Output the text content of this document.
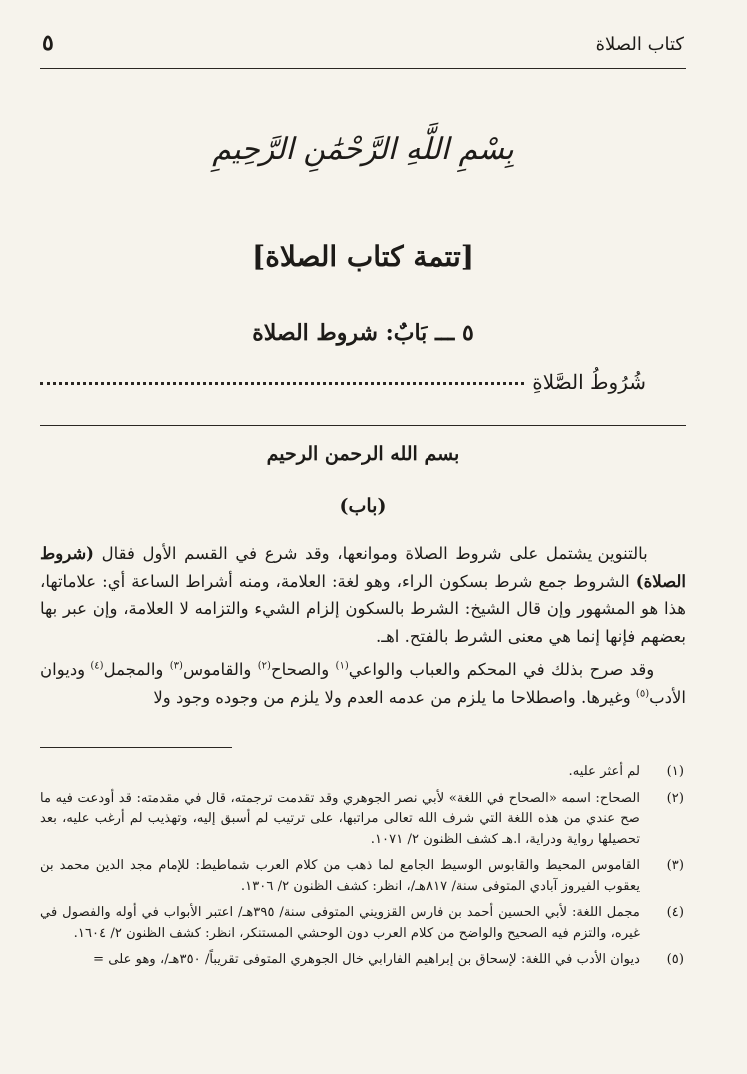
كتاب الصلاة
٥
بِسْمِ اللَّهِ الرَّحْمَٰنِ الرَّحِيمِ
[تتمة كتاب الصلاة]
٥ ـــ بَابٌ: شروط الصلاة
شُرُوطُ الصَّلاةِ
بسم الله الرحمن الرحيم
(باب)

بالتنوين يشتمل على شروط الصلاة وموانعها، وقد شرع في القسم الأول فقال (شروط الصلاة) الشروط جمع شرط بسكون الراء، وهو لغة: العلامة، ومنه أشراط الساعة أي: علاماتها، هذا هو المشهور وإن قال الشيخ: الشرط بالسكون إلزام الشيء والتزامه لا العلامة، وإن عبر بها بعضهم فإنها إنما هي معنى الشرط بالفتح. اهـ.

وقد صرح بذلك في المحكم والعباب والواعي$^{(١)}$ والصحاح$^{(٢)}$ والقاموس$^{(٣)}$ والمجمل$^{(٤)}$ وديوان الأدب$^{(٥)}$ وغيرها. واصطلاحا ما يلزم من عدمه العدم ولا يلزم من وجوده وجود ولا

(١)
لم أعثر عليه.
(٢)
الصحاح: اسمه «الصحاح في اللغة» لأبي نصر الجوهري وقد تقدمت ترجمته، قال في مقدمته: قد أودعت فيه ما صح عندي من هذه اللغة التي شرف الله تعالى مراتبها، على ترتيب لم أسبق إليه، وتهذيب لم أرغب عليه، بعد تحصيلها رواية ودراية، ا.هـ كشف الظنون ٢/ ١٠٧١.
(٣)
القاموس المحيط والقابوس الوسيط الجامع لما ذهب من كلام العرب شماطيط: للإمام مجد الدين محمد بن يعقوب الفيروز آبادي المتوفى سنة/ ٨١٧هـ/، انظر: كشف الظنون ٢/ ١٣٠٦.
(٤)
مجمل اللغة: لأبي الحسين أحمد بن فارس القزويني المتوفى سنة/ ٣٩٥هـ/ اعتبر الأبواب في أوله والفصول في غيره، والتزم فيه الصحيح والواضح من كلام العرب دون الوحشي المستنكر، انظر: كشف الظنون ٢/ ١٦٠٤.
(٥)
ديوان الأدب في اللغة: لإسحاق بن إبراهيم الفارابي خال الجوهري المتوفى تقريباً/ ٣٥٠هـ/، وهو على =
